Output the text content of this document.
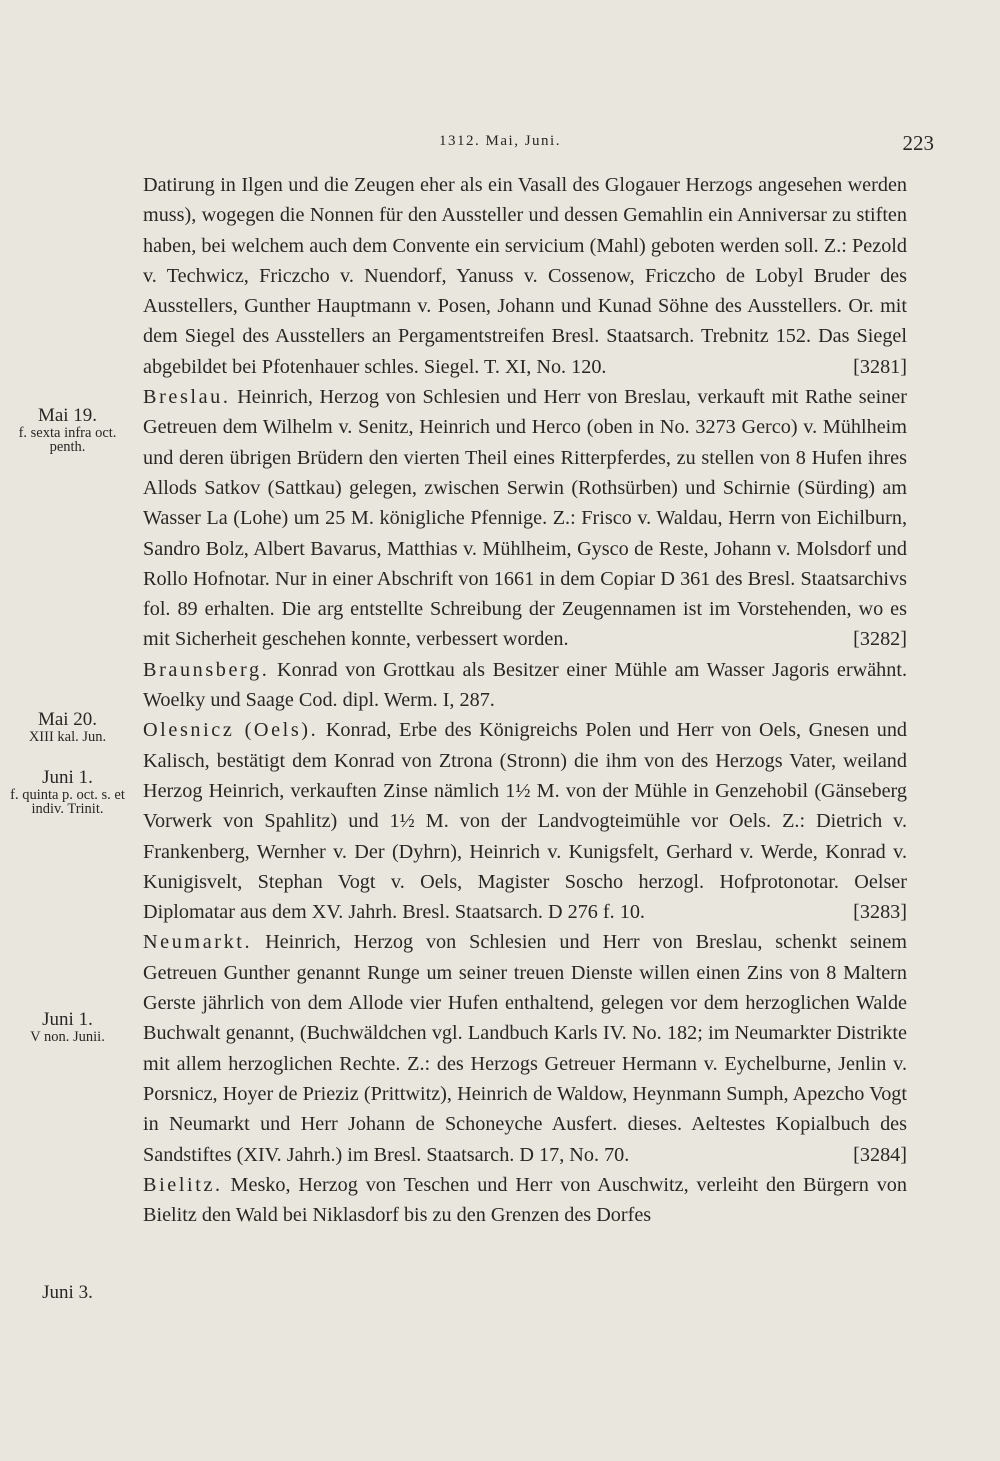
1312. Mai, Juni.	223
Mai 19.
f. sexta infra oct. penth.
Mai 20.
XIII kal. Jun.
Juni 1.
f. quinta p. oct. s. et indiv. Trinit.
Juni 1.
V non. Junii.
Juni 3.

Datirung in Ilgen und die Zeugen eher als ein Vasall des Glogauer Herzogs angesehen werden muss), wogegen die Nonnen für den Aussteller und dessen Gemahlin ein Anniversar zu stiften haben, bei welchem auch dem Convente ein servicium (Mahl) geboten werden soll. Z.: Pezold v. Techwicz, Friczcho v. Nuendorf, Yanuss v. Cossenow, Friczcho de Lobyl Bruder des Ausstellers, Gunther Hauptmann v. Posen, Johann und Kunad Söhne des Ausstellers. Or. mit dem Siegel des Ausstellers an Pergamentstreifen Bresl. Staatsarch. Trebnitz 152. Das Siegel abgebildet bei Pfotenhauer schles. Siegel. T. XI, No. 120.	[3281]

Breslau. Heinrich, Herzog von Schlesien und Herr von Breslau, verkauft mit Rathe seiner Getreuen dem Wilhelm v. Senitz, Heinrich und Herco (oben in No. 3273 Gerco) v. Mühlheim und deren übrigen Brüdern den vierten Theil eines Ritterpferdes, zu stellen von 8 Hufen ihres Allods Satkov (Sattkau) gelegen, zwischen Serwin (Rothsürben) und Schirnie (Sürding) am Wasser La (Lohe) um 25 M. königliche Pfennige. Z.: Frisco v. Waldau, Herrn von Eichilburn, Sandro Bolz, Albert Bavarus, Matthias v. Mühlheim, Gysco de Reste, Johann v. Molsdorf und Rollo Hofnotar. Nur in einer Abschrift von 1661 in dem Copiar D 361 des Bresl. Staatsarchivs fol. 89 erhalten. Die arg entstellte Schreibung der Zeugennamen ist im Vorstehenden, wo es mit Sicherheit geschehen konnte, verbessert worden.	[3282]

Braunsberg. Konrad von Grottkau als Besitzer einer Mühle am Wasser Jagoris erwähnt. Woelky und Saage Cod. dipl. Werm. I, 287.

Olesnicz (Oels). Konrad, Erbe des Königreichs Polen und Herr von Oels, Gnesen und Kalisch, bestätigt dem Konrad von Ztrona (Stronn) die ihm von des Herzogs Vater, weiland Herzog Heinrich, verkauften Zinse nämlich 1½ M. von der Mühle in Genzehobil (Gänseberg Vorwerk von Spahlitz) und 1½ M. von der Landvogteimühle vor Oels. Z.: Dietrich v. Frankenberg, Wernher v. Der (Dyhrn), Heinrich v. Kunigsfelt, Gerhard v. Werde, Konrad v. Kunigisvelt, Stephan Vogt v. Oels, Magister Soscho herzogl. Hofprotonotar. Oelser Diplomatar aus dem XV. Jahrh. Bresl. Staatsarch. D 276 f. 10.	[3283]

Neumarkt. Heinrich, Herzog von Schlesien und Herr von Breslau, schenkt seinem Getreuen Gunther genannt Runge um seiner treuen Dienste willen einen Zins von 8 Maltern Gerste jährlich von dem Allode vier Hufen enthaltend, gelegen vor dem herzoglichen Walde Buchwalt genannt, (Buchwäldchen vgl. Landbuch Karls IV. No. 182; im Neumarkter Distrikte mit allem herzoglichen Rechte. Z.: des Herzogs Getreuer Hermann v. Eychelburne, Jenlin v. Porsnicz, Hoyer de Prieziz (Prittwitz), Heinrich de Waldow, Heynmann Sumph, Apezcho Vogt in Neumarkt und Herr Johann de Schoneyche Ausfert. dieses. Aeltestes Kopialbuch des Sandstiftes (XIV. Jahrh.) im Bresl. Staatsarch. D 17, No. 70.	[3284]

Bielitz. Mesko, Herzog von Teschen und Herr von Auschwitz, verleiht den Bürgern von Bielitz den Wald bei Niklasdorf bis zu den Grenzen des Dorfes
